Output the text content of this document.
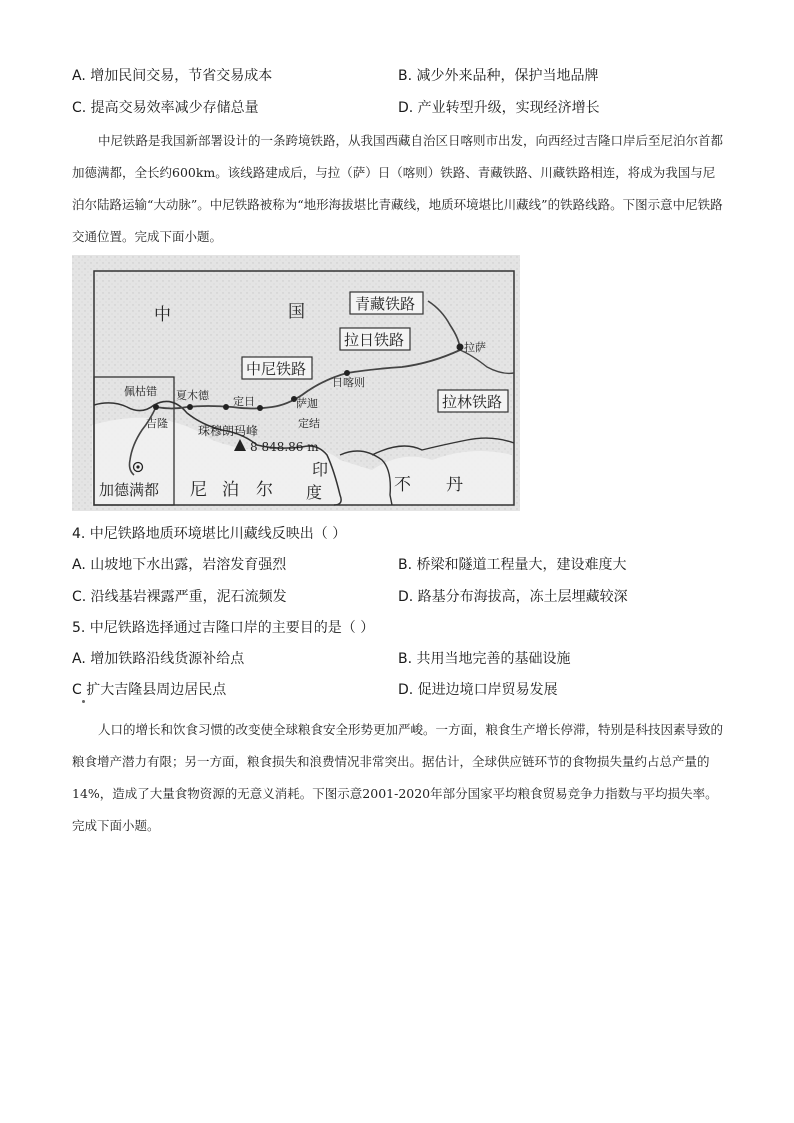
A. 增加民间交易，节省交易成本	B. 减少外来品种，保护当地品牌
C. 提高交易效率减少存储总量	D. 产业转型升级，实现经济增长
中尼铁路是我国新部署设计的一条跨境铁路，从我国西藏自治区日喀则市出发，向西经过吉隆口岸后至尼泊尔首都加德满都，全长约600km。该线路建成后，与拉（萨）日（喀则）铁路、青藏铁路、川藏铁路相连，将成为我国与尼泊尔陆路运输“大动脉”。中尼铁路被称为“地形海拔堪比青藏线，地质环境堪比川藏线”的铁路线路。下图示意中尼铁路交通位置。完成下面小题。
中	国	青藏铁路
拉日铁路
中尼铁路
拉林铁路
拉萨
日喀则
萨迦
定日
定结
夏木德
佩枯错
吉隆
珠穆朗玛峰
8 848.86 m
加德满都 尼 泊 尔
印
度	不 丹
4. 中尼铁路地质环境堪比川藏线反映出（ ）
A. 山坡地下水出露，岩溶发育强烈	B. 桥梁和隧道工程量大，建设难度大
C. 沿线基岩裸露严重，泥石流频发	D. 路基分布海拔高，冻土层埋藏较深
5. 中尼铁路选择通过吉隆口岸的主要目的是（ ）
A. 增加铁路沿线货源补给点	B. 共用当地完善的基础设施
C 扩大吉隆县周边居民点	D. 促进边境口岸贸易发展
人口的增长和饮食习惯的改变使全球粮食安全形势更加严峻。一方面，粮食生产增长停滞，特别是科技因素导致的粮食增产潜力有限；另一方面，粮食损失和浪费情况非常突出。据估计，全球供应链环节的食物损失量约占总产量的14%，造成了大量食物资源的无意义消耗。下图示意2001-2020年部分国家平均粮食贸易竞争力指数与平均损失率。完成下面小题。
